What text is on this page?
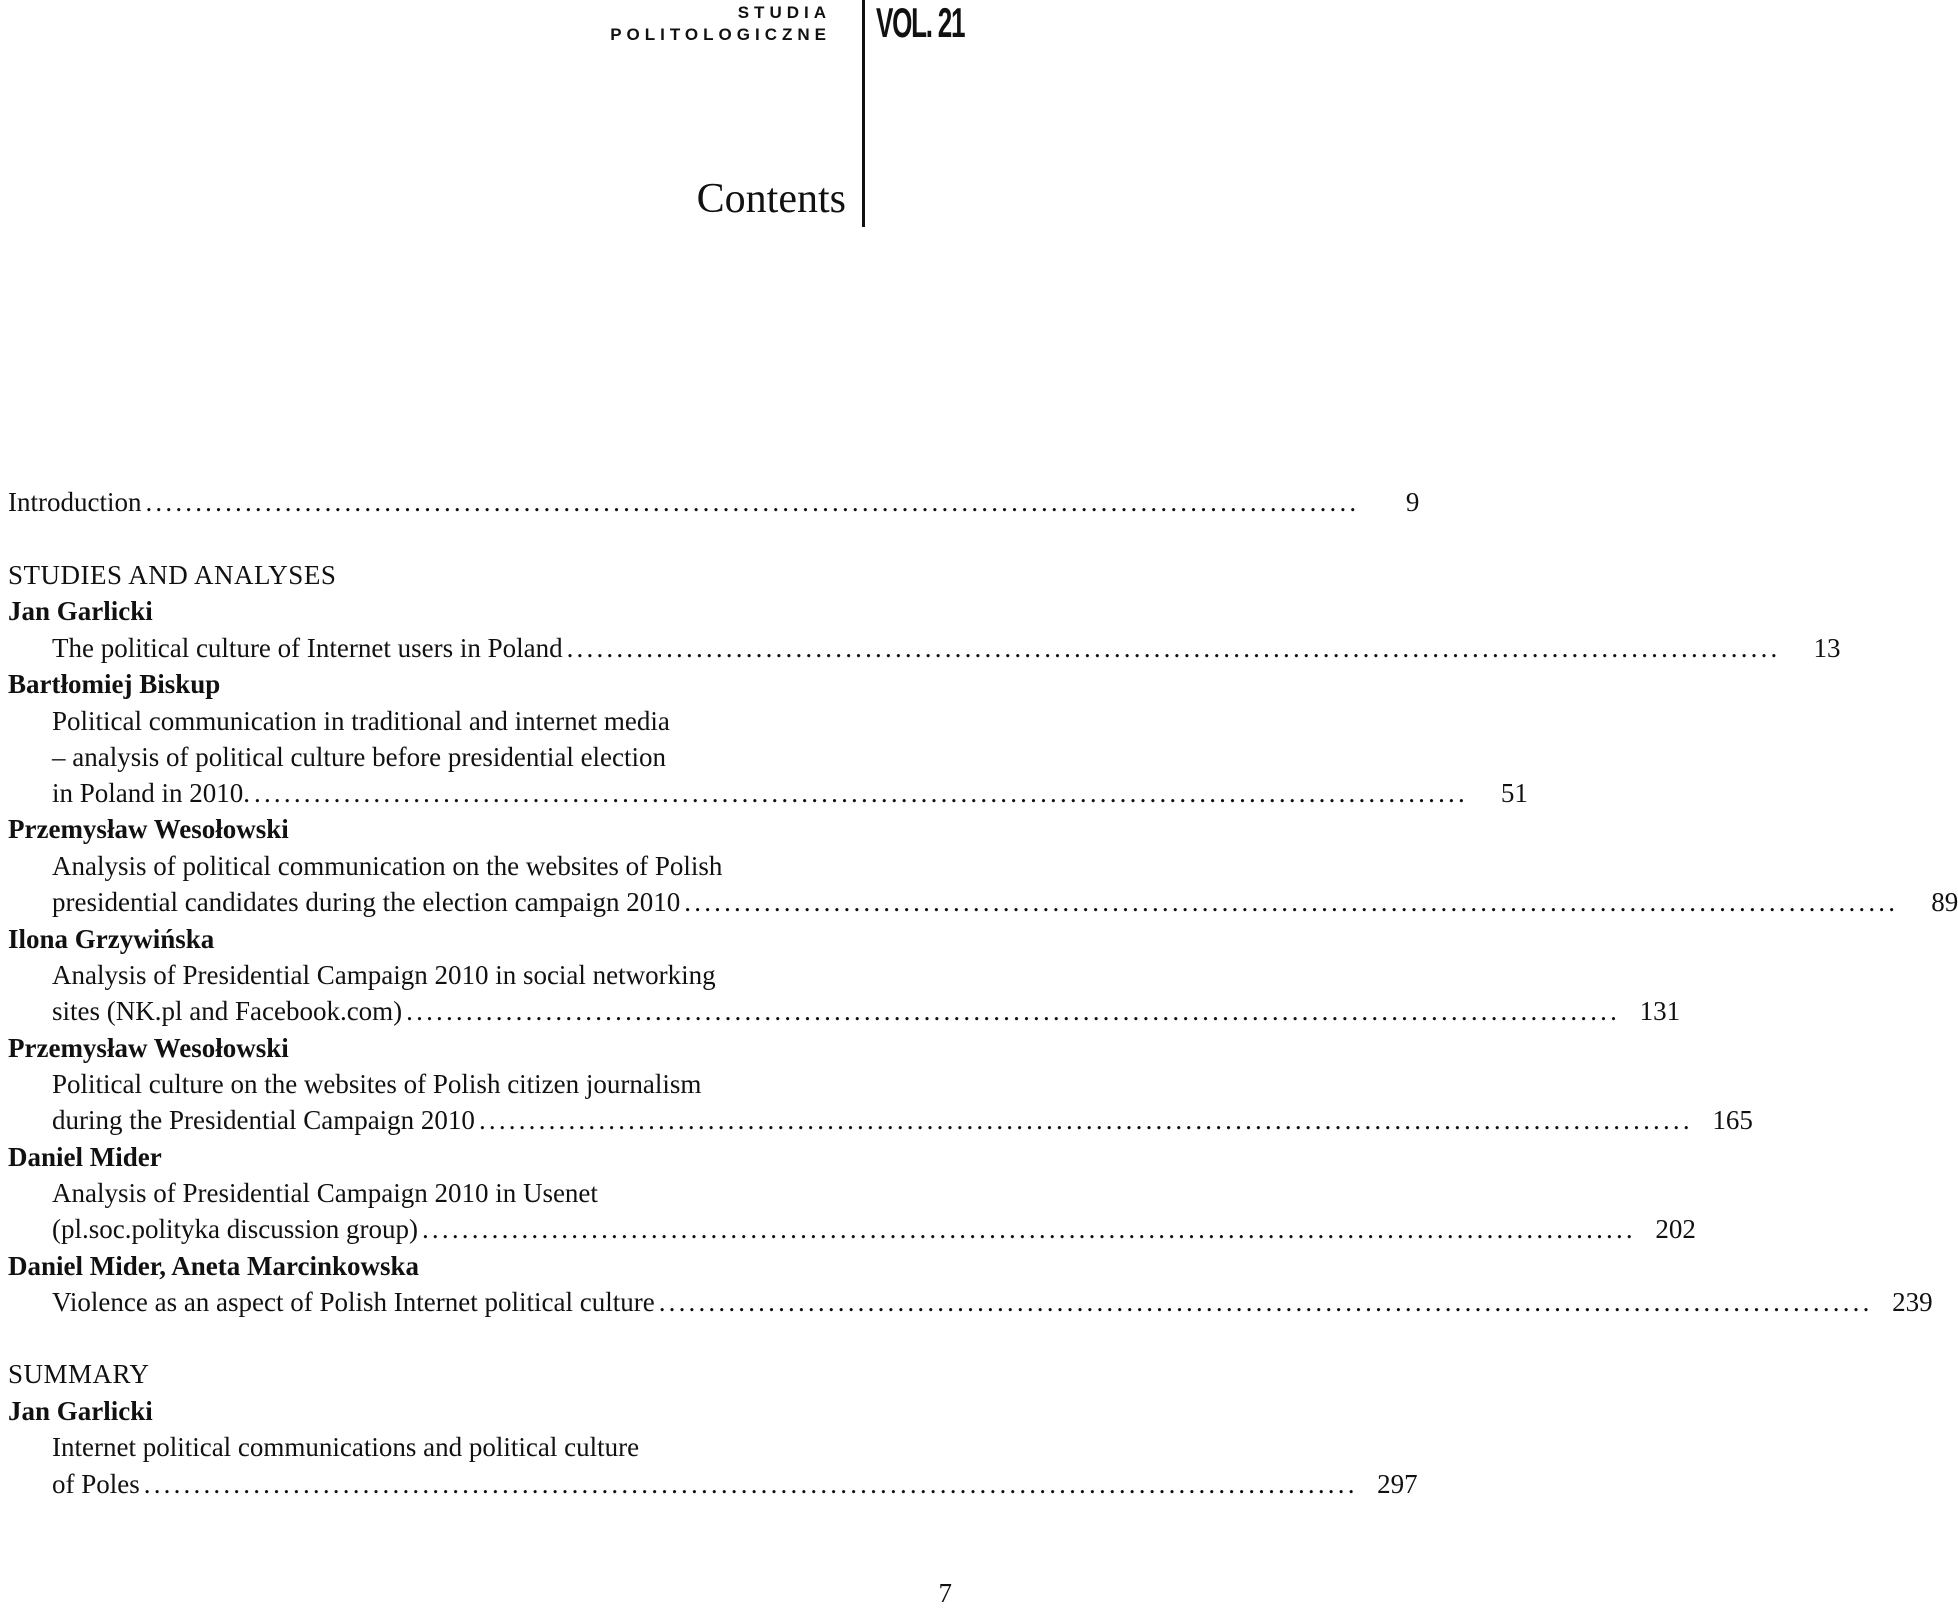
STUDIA
POLITOLOGICZNE VOL. 21
Contents
Introduction ..........................................................................................................................	9
STUDIES AND ANALYSES
Jan Garlicki
The political culture of Internet users in Poland ..........................................................................................................................	13
Bartłomiej Biskup
Political communication in traditional and internet media
– analysis of political culture before presidential election
in Poland in 2010. ..........................................................................................................................	51
Przemysław Wesołowski
Analysis of political communication on the websites of Polish
presidential candidates during the election campaign 2010 ..........................................................................................................................	89
Ilona Grzywińska
Analysis of Presidential Campaign 2010 in social networking
sites (NK.pl and Facebook.com) .......................................................................................................................... 131
Przemysław Wesołowski
Political culture on the websites of Polish citizen journalism
during the Presidential Campaign 2010 .......................................................................................................................... 165
Daniel Mider
Analysis of Presidential Campaign 2010 in Usenet
(pl.soc.polityka discussion group) .......................................................................................................................... 202
Daniel Mider, Aneta Marcinkowska
Violence as an aspect of Polish Internet political culture .......................................................................................................................... 239
SUMMARY
Jan Garlicki
Internet political communications and political culture
of Poles .......................................................................................................................... 297
7
